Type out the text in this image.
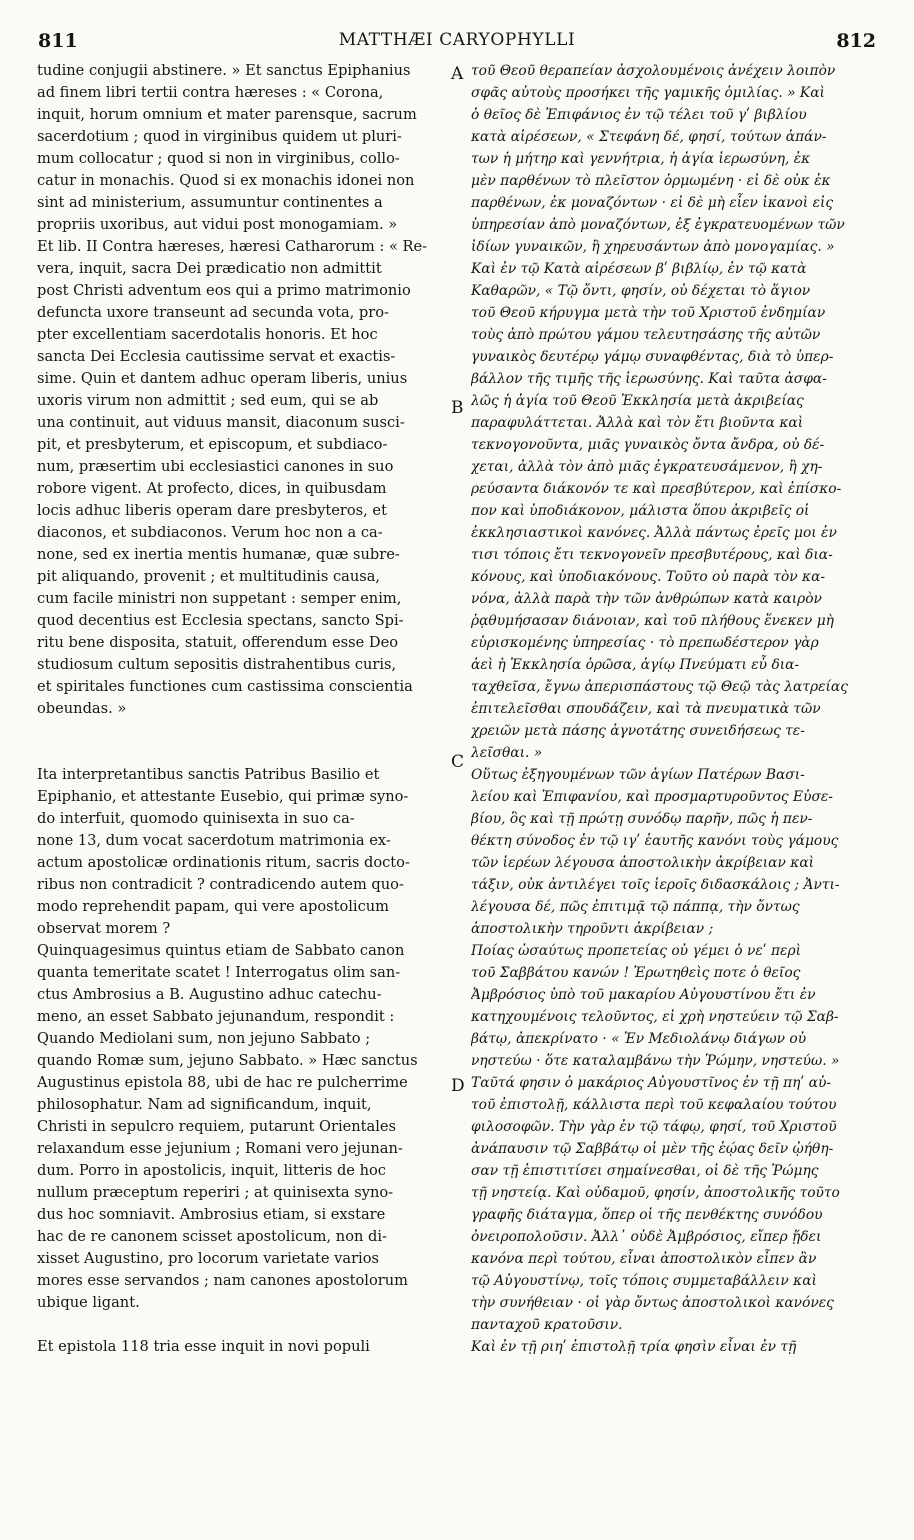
811	MATTHÆI CARYOPHYLLI	812
tudine conjugii abstinere. » Et sanctus Epiphanius
ad finem libri tertii contra hæreses : « Corona,
inquit, horum omnium et mater parensque, sacrum
sacerdotium ; quod in virginibus quidem ut pluri-
mum collocatur ; quod si non in virginibus, collo-
catur in monachis. Quod si ex monachis idonei non
sint ad ministerium, assumuntur continentes a
propriis uxoribus, aut vidui post monogamiam. »
Et lib. II Contra hæreses, hæresi Catharorum : « Re-
vera, inquit, sacra Dei prædicatio non admittit
post Christi adventum eos qui a primo matrimonio
defuncta uxore transeunt ad secunda vota, pro-
pter excellentiam sacerdotalis honoris. Et hoc
sancta Dei Ecclesia cautissime servat et exactis-
sime. Quin et dantem adhuc operam liberis, unius
uxoris virum non admittit ; sed eum, qui se ab
una continuit, aut viduus mansit, diaconum susci-
pit, et presbyterum, et episcopum, et subdiaco-
num, præsertim ubi ecclesiastici canones in suo
robore vigent. At profecto, dices, in quibusdam
locis adhuc liberis operam dare presbyteros, et
diaconos, et subdiaconos. Verum hoc non a ca-
none, sed ex inertia mentis humanæ, quæ subre-
pit aliquando, provenit ; et multitudinis causa,
cum facile ministri non suppetant : semper enim,
quod decentius est Ecclesia spectans, sancto Spi-
ritu bene disposita, statuit, offerendum esse Deo
studiosum cultum sepositis distrahentibus curis,
et spiritales functiones cum castissima conscientia
obeundas. »
Ita interpretantibus sanctis Patribus Basilio et
Epiphanio, et attestante Eusebio, qui primæ syno-
do interfuit, quomodo quinisexta in suo ca-
none 13, dum vocat sacerdotum matrimonia ex-
actum apostolicæ ordinationis ritum, sacris docto-
ribus non contradicit ? contradicendo autem quo-
modo reprehendit papam, qui vere apostolicum
observat morem ?
Quinquagesimus quintus etiam de Sabbato canon
quanta temeritate scatet ! Interrogatus olim san-
ctus Ambrosius a B. Augustino adhuc catechu-
meno, an esset Sabbato jejunandum, respondit :
Quando Mediolani sum, non jejuno Sabbato ;
quando Romæ sum, jejuno Sabbato. » Hæc sanctus
Augustinus epistola 88, ubi de hac re pulcherrime
philosophatur. Nam ad significandum, inquit,
Christi in sepulcro requiem, putarunt Orientales
relaxandum esse jejunium ; Romani vero jejunan-
dum. Porro in apostolicis, inquit, litteris de hoc
nullum præceptum reperiri ; at quinisexta syno-
dus hoc somniavit. Ambrosius etiam, si exstare
hac de re canonem scisset apostolicum, non di-
xisset Augustino, pro locorum varietate varios
mores esse servandos ; nam canones apostolorum
ubique ligant.
Et epistola 118 tria esse inquit in novi populi
τοῦ Θεοῦ θεραπείαν ἀσχολουμένοις ἀνέχειν λοιπὸν
σφᾶς αὐτοὺς προσήκει τῆς γαμικῆς ὁμιλίας. » Καὶ
ὁ θεῖος δὲ Ἐπιφάνιος ἐν τῷ τέλει τοῦ γʹ βιβλίου
κατὰ αἱρέσεων, « Στεφάνη δέ, φησί, τούτων ἁπάν-
των ἡ μήτηρ καὶ γεννήτρια, ἡ ἁγία ἱερωσύνη, ἐκ
μὲν παρθένων τὸ πλεῖστον ὁρμωμένη · εἰ δὲ οὐκ ἐκ
παρθένων, ἐκ μοναζόντων · εἰ δὲ μὴ εἶεν ἱκανοὶ εἰς
ὑπηρεσίαν ἀπὸ μοναζόντων, ἐξ ἐγκρατευομένων τῶν
ἰδίων γυναικῶν, ἢ χηρευσάντων ἀπὸ μονογαμίας. »
Καὶ ἐν τῷ Κατὰ αἱρέσεων βʹ βιβλίῳ, ἐν τῷ κατὰ
Καθαρῶν, « Τῷ ὄντι, φησίν, οὐ δέχεται τὸ ἅγιον
τοῦ Θεοῦ κήρυγμα μετὰ τὴν τοῦ Χριστοῦ ἐνδημίαν
τοὺς ἀπὸ πρώτου γάμου τελευτησάσης τῆς αὐτῶν
γυναικὸς δευτέρῳ γάμῳ συναφθέντας, διὰ τὸ ὑπερ-
βάλλον τῆς τιμῆς τῆς ἱερωσύνης. Καὶ ταῦτα ἀσφα-
λῶς ἡ ἁγία τοῦ Θεοῦ Ἐκκλησία μετὰ ἀκριβείας
παραφυλάττεται. Ἀλλὰ καὶ τὸν ἔτι βιοῦντα καὶ
τεκνογονοῦντα, μιᾶς γυναικὸς ὄντα ἄνδρα, οὐ δέ-
χεται, ἀλλὰ τὸν ἀπὸ μιᾶς ἐγκρατευσάμενον, ἢ χη-
ρεύσαντα διάκονόν τε καὶ πρεσβύτερον, καὶ ἐπίσκο-
πον καὶ ὑποδιάκονον, μάλιστα ὅπου ἀκριβεῖς οἱ
ἐκκλησιαστικοὶ κανόνες. Ἀλλὰ πάντως ἐρεῖς μοι ἐν
τισι τόποις ἔτι τεκνογονεῖν πρεσβυτέρους, καὶ δια-
κόνους, καὶ ὑποδιακόνους. Τοῦτο οὐ παρὰ τὸν κα-
νόνα, ἀλλὰ παρὰ τὴν τῶν ἀνθρώπων κατὰ καιρὸν
ῥᾳθυμήσασαν διάνοιαν, καὶ τοῦ πλήθους ἕνεκεν μὴ
εὑρισκομένης ὑπηρεσίας · τὸ πρεπωδέστερον γὰρ
ἀεὶ ἡ Ἐκκλησία ὁρῶσα, ἁγίῳ Πνεύματι εὖ δια-
ταχθεῖσα, ἔγνω ἀπερισπάστους τῷ Θεῷ τὰς λατρείας
ἐπιτελεῖσθαι σπουδάζειν, καὶ τὰ πνευματικὰ τῶν
χρειῶν μετὰ πάσης ἁγνοτάτης συνειδήσεως τε-
λεῖσθαι. »
Οὕτως ἐξηγουμένων τῶν ἁγίων Πατέρων Βασι-
λείου καὶ Ἐπιφανίου, καὶ προσμαρτυροῦντος Εὐσε-
βίου, ὃς καὶ τῇ πρώτῃ συνόδῳ παρῆν, πῶς ἡ πεν-
θέκτη σύνοδος ἐν τῷ ιγʹ ἑαυτῆς κανόνι τοὺς γάμους
τῶν ἱερέων λέγουσα ἀποστολικὴν ἀκρίβειαν καὶ
τάξιν, οὐκ ἀντιλέγει τοῖς ἱεροῖς διδασκάλοις ; Ἀντι-
λέγουσα δέ, πῶς ἐπιτιμᾷ τῷ πάππᾳ, τὴν ὄντως
ἀποστολικὴν τηροῦντι ἀκρίβειαν ;
Ποίας ὡσαύτως προπετείας οὐ γέμει ὁ νεʹ περὶ
τοῦ Σαββάτου κανών ! Ἐρωτηθεὶς ποτε ὁ θεῖος
Ἀμβρόσιος ὑπὸ τοῦ μακαρίου Αὐγουστίνου ἔτι ἐν
κατηχουμένοις τελοῦντος, εἰ χρὴ νηστεύειν τῷ Σαβ-
βάτῳ, ἀπεκρίνατο · « Ἐν Μεδιολάνῳ διάγων οὐ
νηστεύω · ὅτε καταλαμβάνω τὴν Ῥώμην, νηστεύω. »
Ταῦτά φησιν ὁ μακάριος Αὐγουστῖνος ἐν τῇ πηʹ αὐ-
τοῦ ἐπιστολῇ, κάλλιστα περὶ τοῦ κεφαλαίου τούτου
φιλοσοφῶν. Τὴν γὰρ ἐν τῷ τάφῳ, φησί, τοῦ Χριστοῦ
ἀνάπαυσιν τῷ Σαββάτῳ οἱ μὲν τῆς ἑῴας δεῖν ᾠήθη-
σαν τῇ ἐπιστιτίσει σημαίνεσθαι, οἱ δὲ τῆς Ῥώμης
τῇ νηστείᾳ. Καὶ οὐδαμοῦ, φησίν, ἀποστολικῆς τοῦτο
γραφῆς διάταγμα, ὅπερ οἱ τῆς πενθέκτης συνόδου
ὀνειροπολοῦσιν. Ἀλλ᾽ οὐδὲ Ἀμβρόσιος, εἴπερ ᾔδει
κανόνα περὶ τούτου, εἶναι ἀποστολικὸν εἶπεν ἂν
τῷ Αὐγουστίνῳ, τοῖς τόποις συμμεταβάλλειν καὶ
τὴν συνήθειαν · οἱ γὰρ ὄντως ἀποστολικοὶ κανόνες
πανταχοῦ κρατοῦσιν.
Καὶ ἐν τῇ ριηʹ ἐπιστολῇ τρία φησὶν εἶναι ἐν τῇ
A
B
C
D
